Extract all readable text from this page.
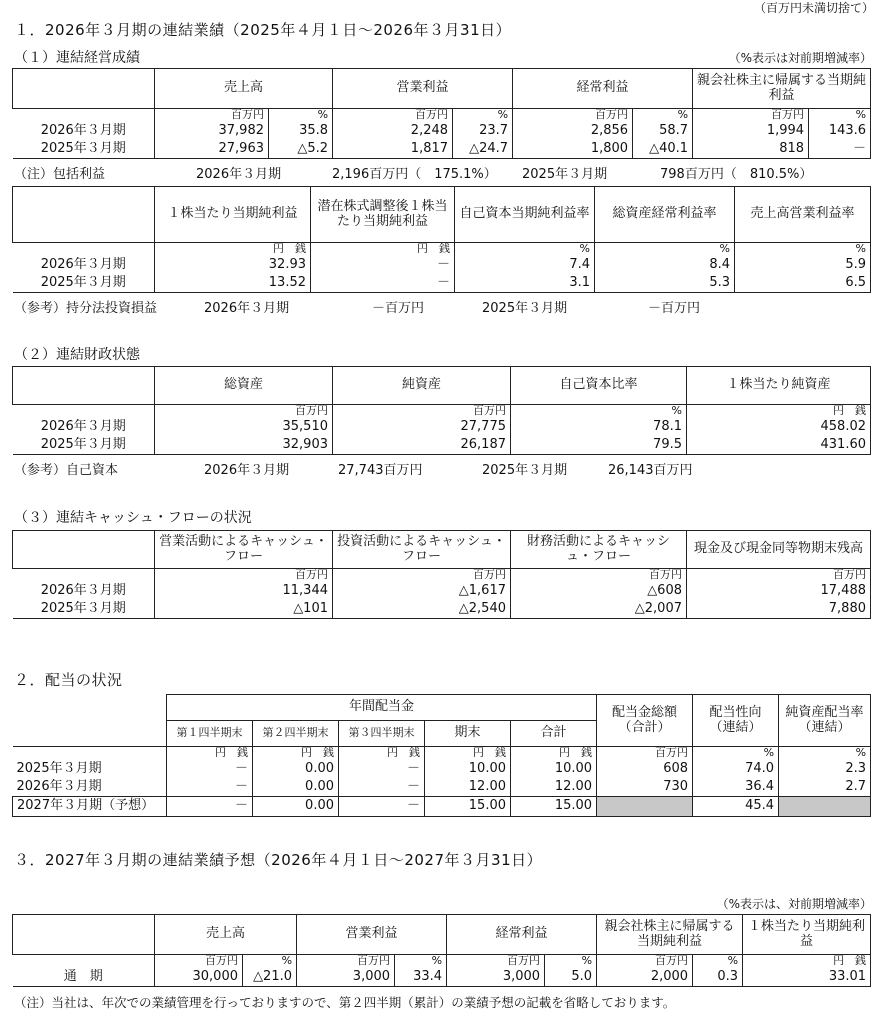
（百万円未満切捨て）
１．2026年３月期の連結業績（2025年４月１日～2026年３月31日）
（１）連結経営成績	（%表示は対前期増減率）
	売上高		営業利益		経常利益		親会社株主に帰属する当期純利益	
	百万円	%	百万円	%	百万円	%	百万円	%
2026年３月期	37,982	35.8	2,248	23.7	2,856	58.7	1,994	143.6
2025年３月期	27,963	△5.2	1,817	△24.7	1,800	△40.1	818	－
（注）包括利益	2026年３月期	2,196百万円（　175.1%） 2025年３月期	798百万円（　810.5%）
	１株当たり当期純利益	潜在株式調整後１株当たり当期純利益	自己資本当期純利益率	総資産経常利益率	売上高営業利益率
	円　銭	円　銭	%	%	%
2026年３月期	32.93	－	7.4	8.4	5.9
2025年３月期	13.52	－	3.1	5.3	6.5
（参考）持分法投資損益	2026年３月期	－百万円	2025年３月期	－百万円
（２）連結財政状態
	総資産	純資産	自己資本比率	１株当たり純資産
	百万円	百万円	%	円　銭
2026年３月期	35,510	27,775	78.1	458.02
2025年３月期	32,903	26,187	79.5	431.60
（参考）自己資本	2026年３月期	27,743百万円	2025年３月期	26,143百万円
（３）連結キャッシュ・フローの状況
	営業活動によるキャッシュ・フロー	投資活動によるキャッシュ・フロー	財務活動によるキャッシュ・フロー	現金及び現金同等物期末残高
	百万円	百万円	百万円	百万円
2026年３月期	11,344	△1,617	△608	17,488
2025年３月期	△101	△2,540	△2,007	7,880
２．配当の状況
	年間配当金					配当金総額（合計）	配当性向（連結）	純資産配当率（連結）
	第１四半期末	第２四半期末	第３四半期末	期末	合計			
	円　銭	円　銭	円　銭	円　銭	円　銭	百万円	%	%
2025年３月期	－	0.00	－	10.00	10.00	608	74.0	2.3
2026年３月期	－	0.00	－	12.00	12.00	730	36.4	2.7
2027年３月期（予想）	－	0.00	－	15.00	15.00		45.4	
３．2027年３月期の連結業績予想（2026年４月１日～2027年３月31日）
（%表示は、対前期増減率）
	売上高		営業利益		経常利益		親会社株主に帰属する当期純利益		１株当たり当期純利益
	百万円	%	百万円	%	百万円	%	百万円	%	円　銭
通　期	30,000	△21.0	3,000	33.4	3,000	5.0	2,000	0.3	33.01
（注）当社は、年次での業績管理を行っておりますので、第２四半期（累計）の業績予想の記載を省略しております。
